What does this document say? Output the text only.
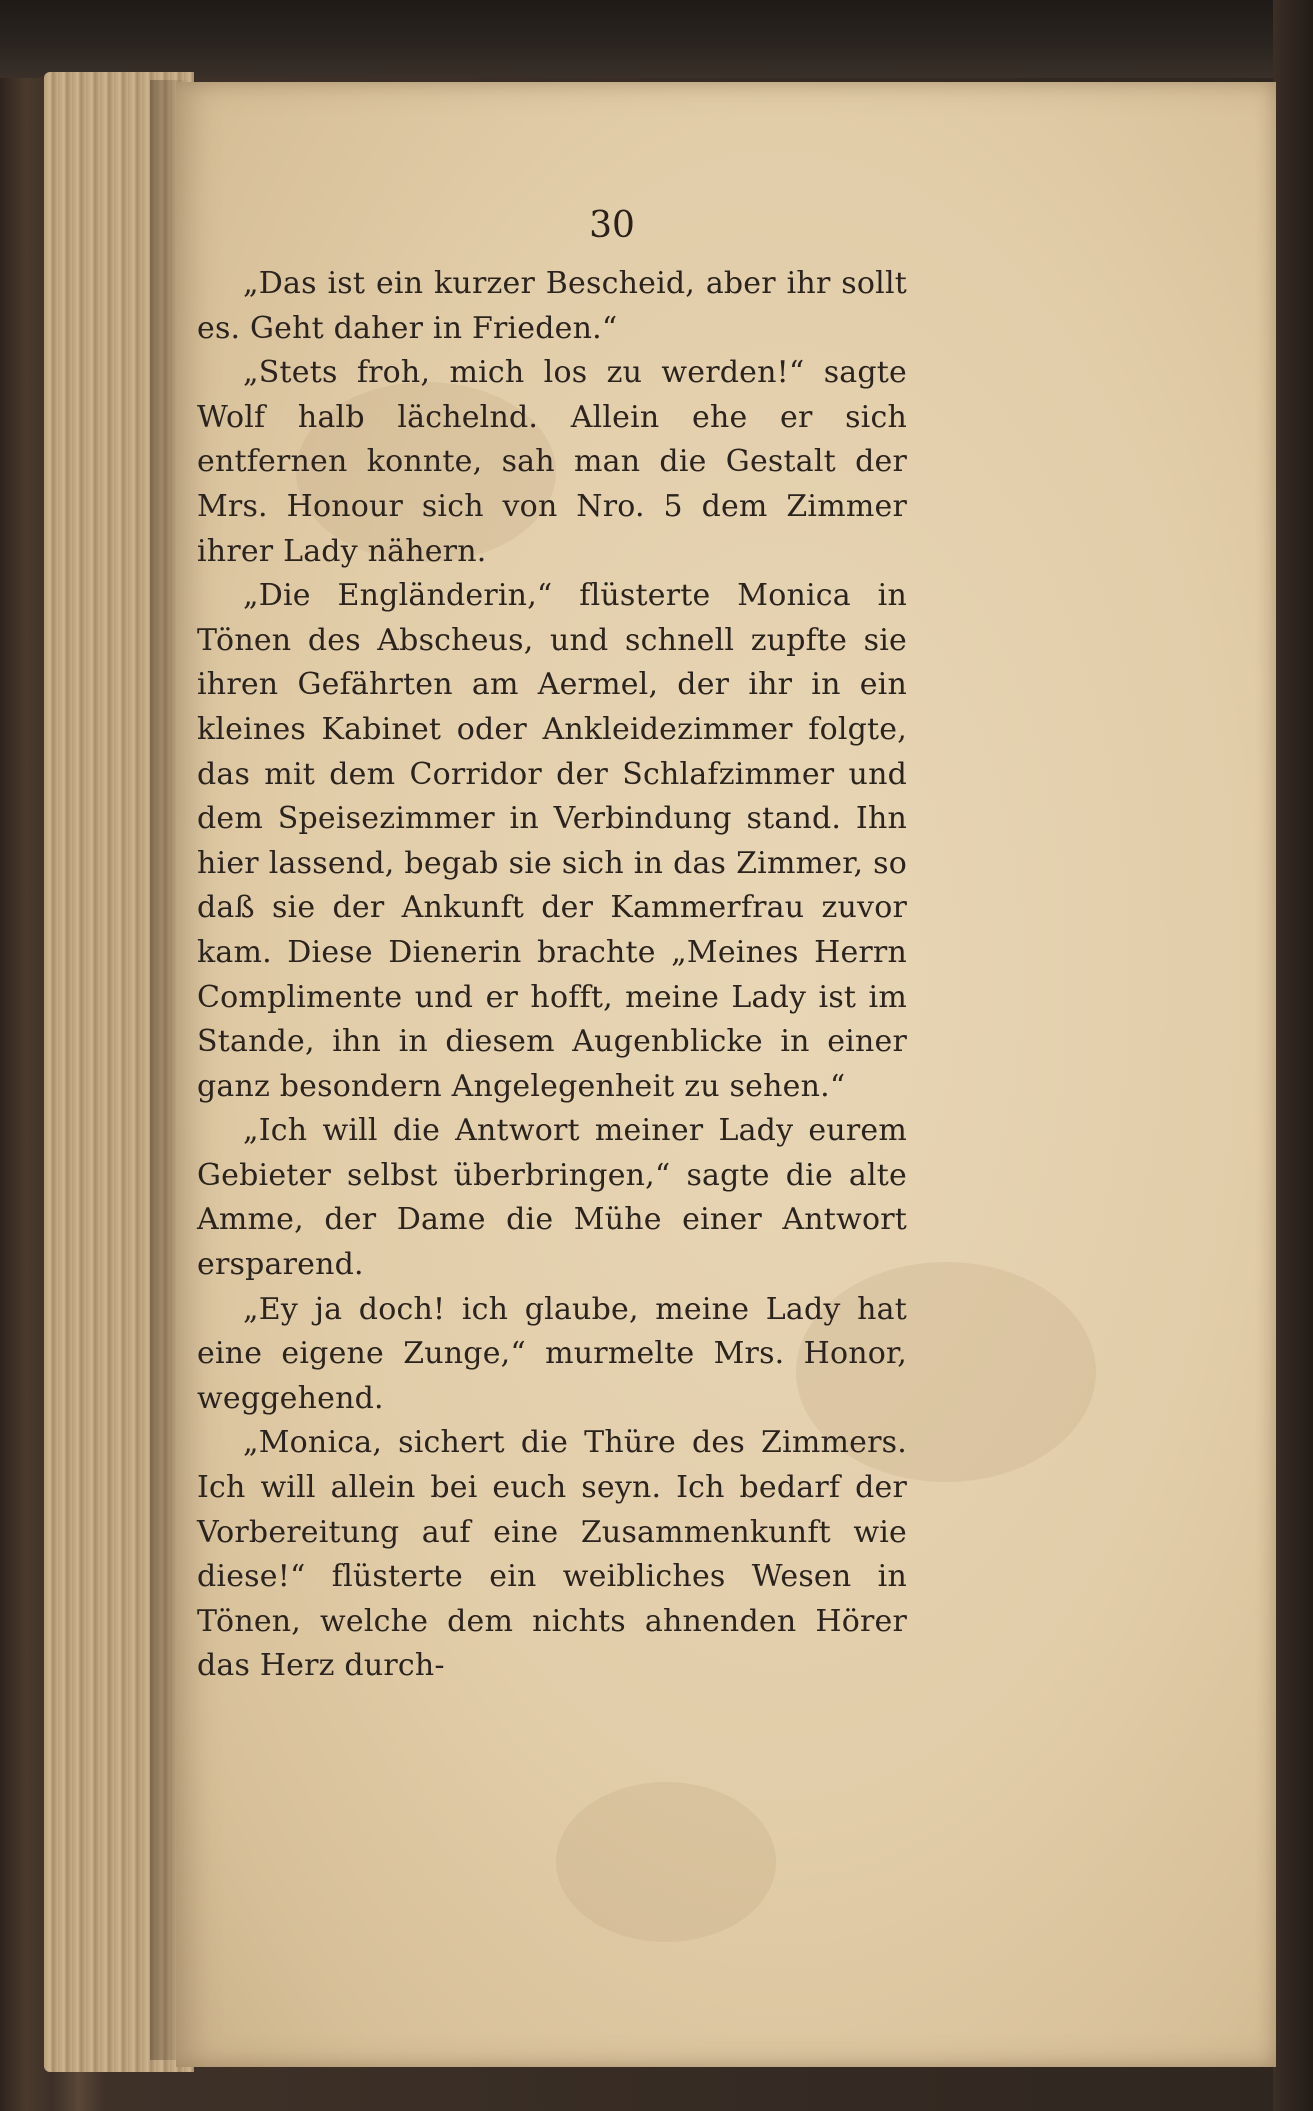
30

„Das ist ein kurzer Bescheid, aber ihr sollt es. Geht daher in Frieden.“

„Stets froh, mich los zu werden!“ sagte Wolf halb lächelnd. Allein ehe er sich entfernen konnte, sah man die Gestalt der Mrs. Honour sich von Nro. 5 dem Zimmer ihrer Lady nähern.

„Die Engländerin,“ flüsterte Monica in Tönen des Abscheus, und schnell zupfte sie ihren Gefährten am Aermel, der ihr in ein kleines Kabinet oder Ankleidezimmer folgte, das mit dem Corridor der Schlafzimmer und dem Speisezimmer in Verbindung stand. Ihn hier lassend, begab sie sich in das Zimmer, so daß sie der Ankunft der Kammerfrau zuvor kam. Diese Dienerin brachte „Meines Herrn Complimente und er hofft, meine Lady ist im Stande, ihn in diesem Augenblicke in einer ganz besondern Angelegenheit zu sehen.“

„Ich will die Antwort meiner Lady eurem Gebieter selbst überbringen,“ sagte die alte Amme, der Dame die Mühe einer Antwort ersparend.

„Ey ja doch! ich glaube, meine Lady hat eine eigene Zunge,“ murmelte Mrs. Honor, weggehend.

„Monica, sichert die Thüre des Zimmers. Ich will allein bei euch seyn. Ich bedarf der Vorbereitung auf eine Zusammenkunft wie diese!“ flüsterte ein weibliches Wesen in Tönen, welche dem nichts ahnenden Hörer das Herz durch-
